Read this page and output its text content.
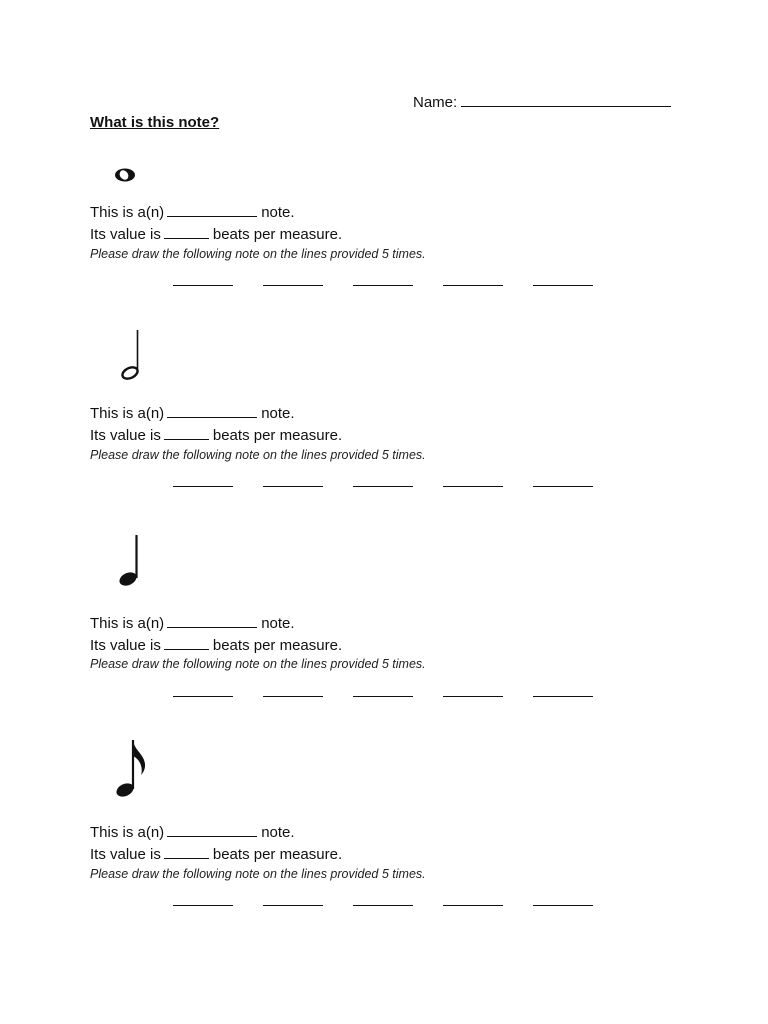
Name:
What is this note?
This is a(n)	note.
Its value is	beats per measure.
Please draw the following note on the lines provided 5 times.
This is a(n)	note.
Its value is	beats per measure.
Please draw the following note on the lines provided 5 times.
This is a(n)	note.
Its value is	beats per measure.
Please draw the following note on the lines provided 5 times.
This is a(n)	note.
Its value is	beats per measure.
Please draw the following note on the lines provided 5 times.
